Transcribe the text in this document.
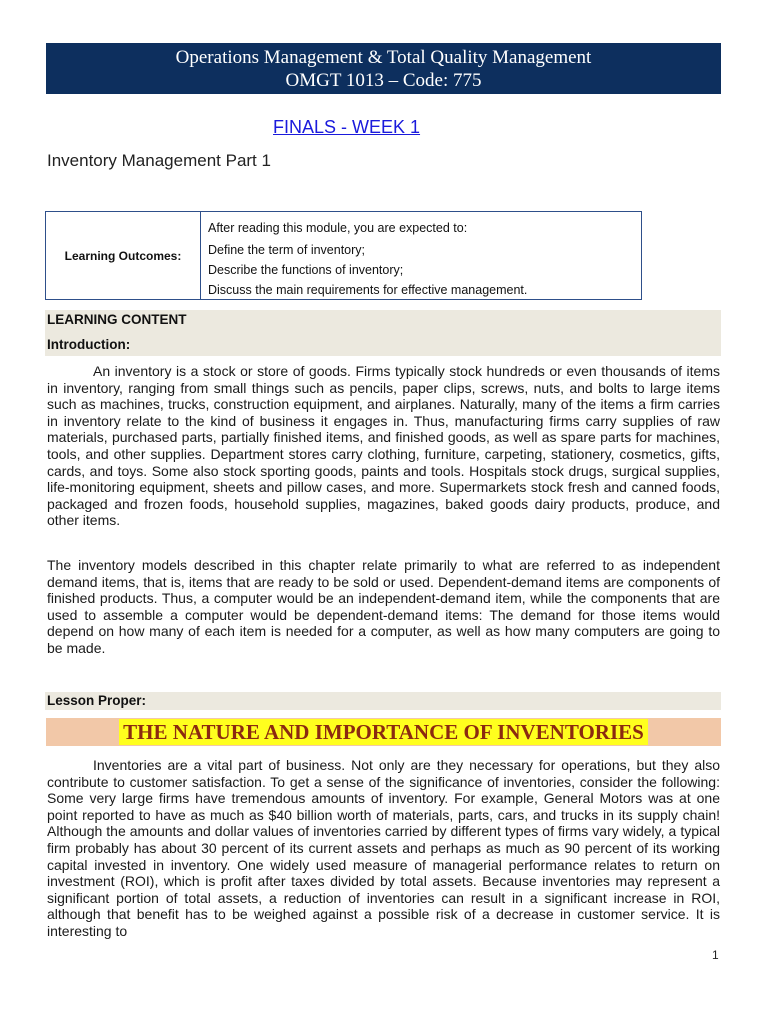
Operations Management & Total Quality Management
OMGT 1013 – Code: 775
FINALS - WEEK 1
Inventory Management Part 1
Learning Outcomes:
After reading this module, you are expected to:
Define the term of inventory;
Describe the functions of inventory;
Discuss the main requirements for effective management.
LEARNING CONTENT
Introduction:
An inventory is a stock or store of goods. Firms typically stock hundreds or even thousands of items in inventory, ranging from small things such as pencils, paper clips, screws, nuts, and bolts to large items such as machines, trucks, construction equipment, and airplanes. Naturally, many of the items a firm carries in inventory relate to the kind of business it engages in. Thus, manufacturing firms carry supplies of raw materials, purchased parts, partially finished items, and finished goods, as well as spare parts for machines, tools, and other supplies. Department stores carry clothing, furniture, carpeting, stationery, cosmetics, gifts, cards, and toys. Some also stock sporting goods, paints and tools. Hospitals stock drugs, surgical supplies, life-monitoring equipment, sheets and pillow cases, and more. Supermarkets stock fresh and canned foods, packaged and frozen foods, household supplies, magazines, baked goods dairy products, produce, and other items.
The inventory models described in this chapter relate primarily to what are referred to as independent demand items, that is, items that are ready to be sold or used. Dependent-demand items are components of finished products. Thus, a computer would be an independent-demand item, while the components that are used to assemble a computer would be dependent-demand items: The demand for those items would depend on how many of each item is needed for a computer, as well as how many computers are going to be made.
Lesson Proper:
THE NATURE AND IMPORTANCE OF INVENTORIES
Inventories are a vital part of business. Not only are they necessary for operations, but they also contribute to customer satisfaction. To get a sense of the significance of inventories, consider the following: Some very large firms have tremendous amounts of inventory. For example, General Motors was at one point reported to have as much as $40 billion worth of materials, parts, cars, and trucks in its supply chain! Although the amounts and dollar values of inventories carried by different types of firms vary widely, a typical firm probably has about 30 percent of its current assets and perhaps as much as 90 percent of its working capital invested in inventory. One widely used measure of managerial performance relates to return on investment (ROI), which is profit after taxes divided by total assets. Because inventories may represent a significant portion of total assets, a reduction of inventories can result in a significant increase in ROI, although that benefit has to be weighed against a possible risk of a decrease in customer service. It is interesting to
1
